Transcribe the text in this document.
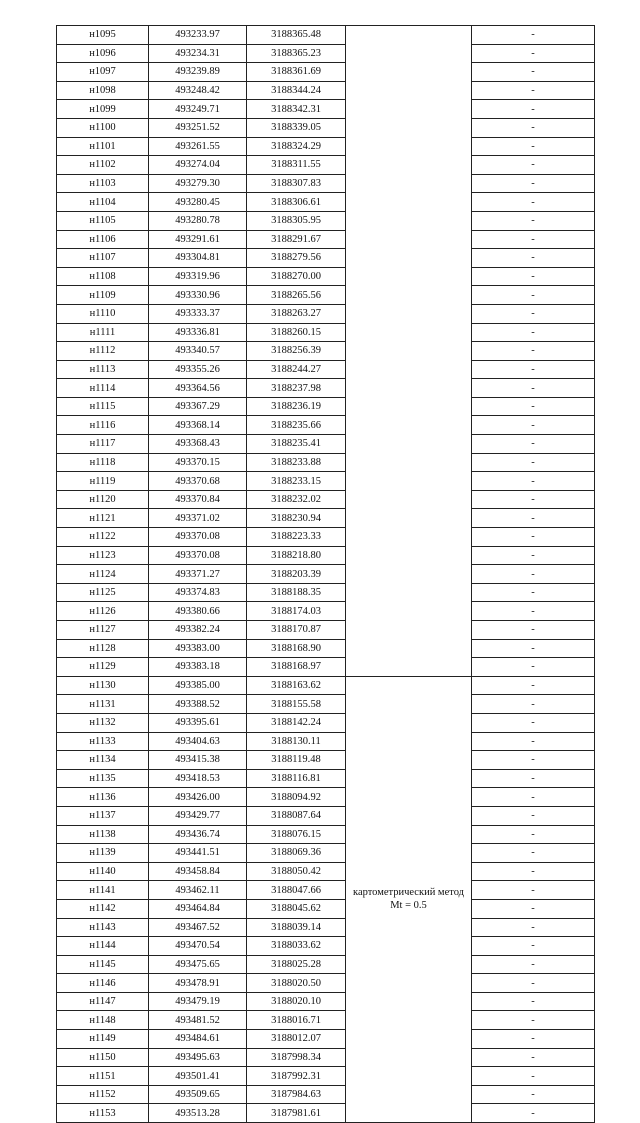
н1095	493233.97	3188365.48		-
н1096	493234.31	3188365.23		-
н1097	493239.89	3188361.69		-
н1098	493248.42	3188344.24		-
н1099	493249.71	3188342.31		-
н1100	493251.52	3188339.05		-
н1101	493261.55	3188324.29		-
н1102	493274.04	3188311.55		-
н1103	493279.30	3188307.83		-
н1104	493280.45	3188306.61		-
н1105	493280.78	3188305.95		-
н1106	493291.61	3188291.67		-
н1107	493304.81	3188279.56		-
н1108	493319.96	3188270.00		-
н1109	493330.96	3188265.56		-
н1110	493333.37	3188263.27		-
н1111	493336.81	3188260.15		-
н1112	493340.57	3188256.39		-
н1113	493355.26	3188244.27		-
н1114	493364.56	3188237.98		-
н1115	493367.29	3188236.19		-
н1116	493368.14	3188235.66		-
н1117	493368.43	3188235.41		-
н1118	493370.15	3188233.88		-
н1119	493370.68	3188233.15		-
н1120	493370.84	3188232.02		-
н1121	493371.02	3188230.94		-
н1122	493370.08	3188223.33		-
н1123	493370.08	3188218.80		-
н1124	493371.27	3188203.39		-
н1125	493374.83	3188188.35		-
н1126	493380.66	3188174.03		-
н1127	493382.24	3188170.87		-
н1128	493383.00	3188168.90		-
н1129	493383.18	3188168.97		-
н1130	493385.00	3188163.62	картометрический метод Mt = 0.5	-
н1131	493388.52	3188155.58		-
н1132	493395.61	3188142.24		-
н1133	493404.63	3188130.11		-
н1134	493415.38	3188119.48		-
н1135	493418.53	3188116.81		-
н1136	493426.00	3188094.92		-
н1137	493429.77	3188087.64		-
н1138	493436.74	3188076.15		-
н1139	493441.51	3188069.36		-
н1140	493458.84	3188050.42		-
н1141	493462.11	3188047.66		-
н1142	493464.84	3188045.62		-
н1143	493467.52	3188039.14		-
н1144	493470.54	3188033.62		-
н1145	493475.65	3188025.28		-
н1146	493478.91	3188020.50		-
н1147	493479.19	3188020.10		-
н1148	493481.52	3188016.71		-
н1149	493484.61	3188012.07		-
н1150	493495.63	3187998.34		-
н1151	493501.41	3187992.31		-
н1152	493509.65	3187984.63		-
н1153	493513.28	3187981.61		-
